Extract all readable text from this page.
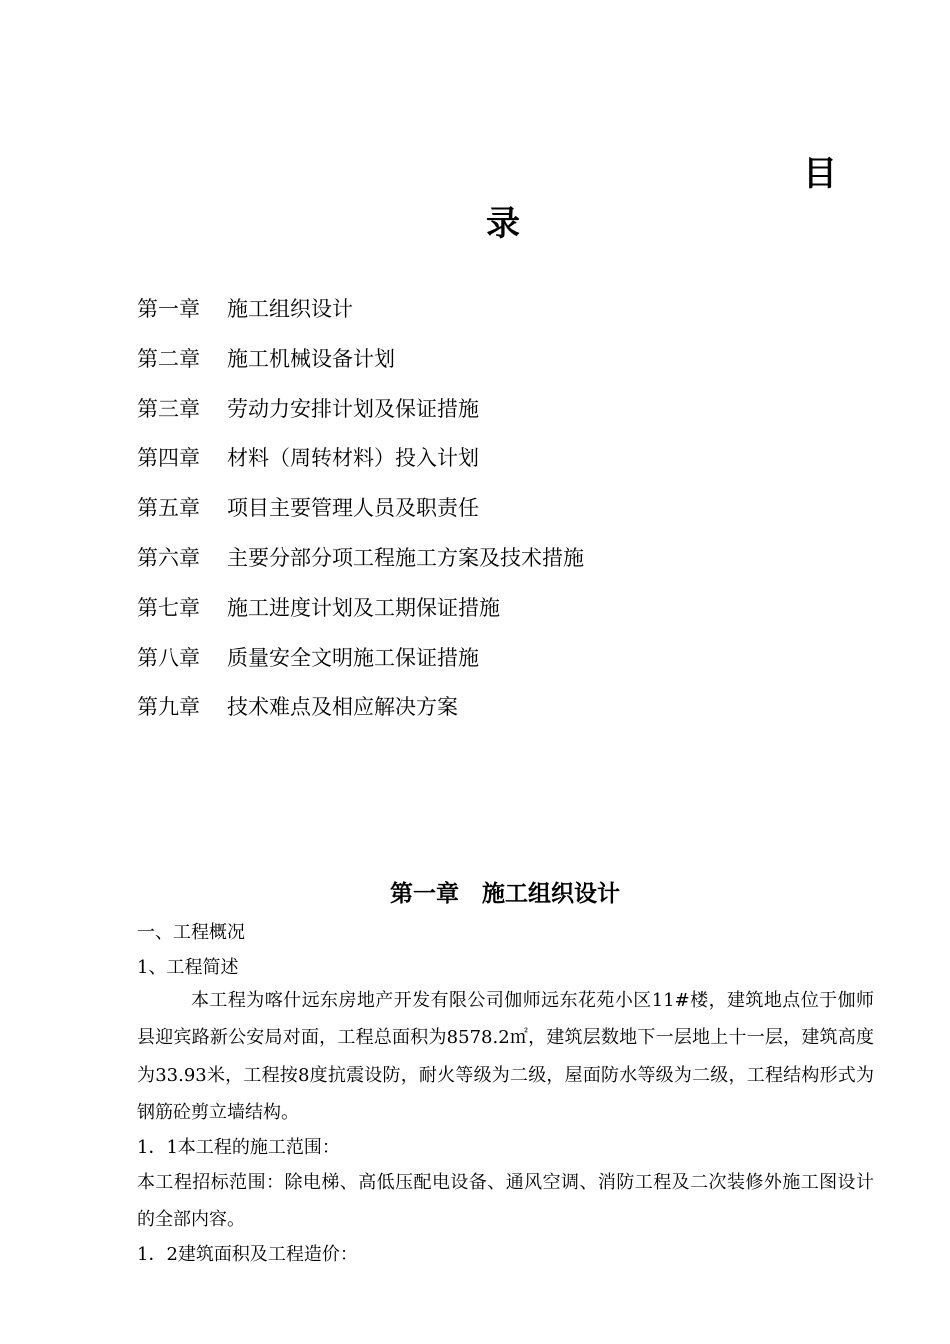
目
录
第一章 施工组织设计
第二章 施工机械设备计划
第三章 劳动力安排计划及保证措施
第四章 材料（周转材料）投入计划
第五章 项目主要管理人员及职责任
第六章 主要分部分项工程施工方案及技术措施
第七章 施工进度计划及工期保证措施
第八章 质量安全文明施工保证措施
第九章 技术难点及相应解决方案
第一章　施工组织设计
一、工程概况
1、工程简述
本工程为喀什远东房地产开发有限公司伽师远东花苑小区11#楼，建筑地点位于伽师县迎宾路新公安局对面，工程总面积为8578.2㎡，建筑层数地下一层地上十一层，建筑高度为33.93米，工程按8度抗震设防，耐火等级为二级，屋面防水等级为二级，工程结构形式为钢筋砼剪立墙结构。
1．1本工程的施工范围：
本工程招标范围：除电梯、高低压配电设备、通风空调、消防工程及二次装修外施工图设计的全部内容。
1．2建筑面积及工程造价：
